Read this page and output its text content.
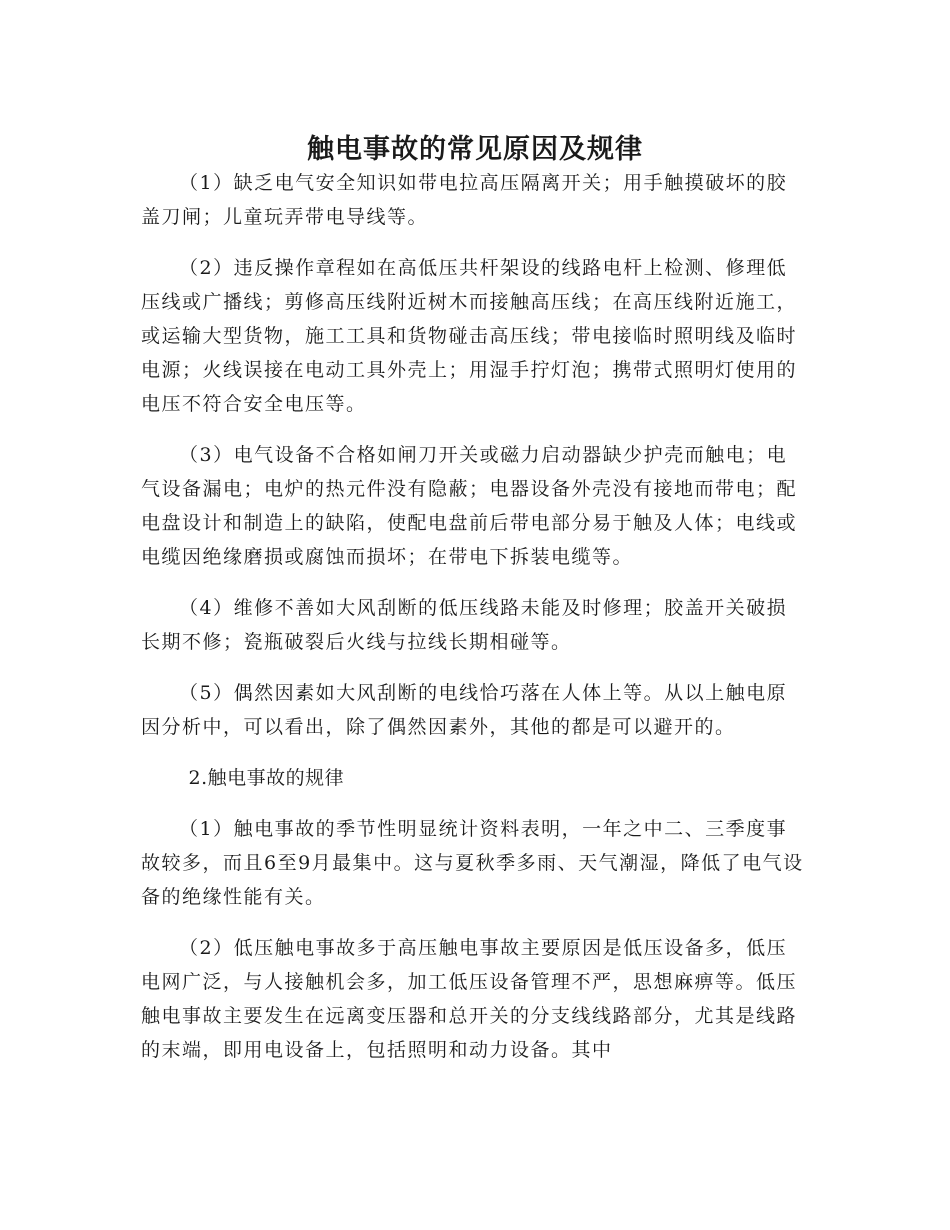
触电事故的常见原因及规律

（1）缺乏电气安全知识如带电拉高压隔离开关；用手触摸破坏的胶盖刀闸；儿童玩弄带电导线等。

（2）违反操作章程如在高低压共杆架设的线路电杆上检测、修理低压线或广播线；剪修高压线附近树木而接触高压线；在高压线附近施工，或运输大型货物，施工工具和货物碰击高压线；带电接临时照明线及临时电源；火线误接在电动工具外壳上；用湿手拧灯泡；携带式照明灯使用的电压不符合安全电压等。

（3）电气设备不合格如闸刀开关或磁力启动器缺少护壳而触电；电气设备漏电；电炉的热元件没有隐蔽；电器设备外壳没有接地而带电；配电盘设计和制造上的缺陷，使配电盘前后带电部分易于触及人体；电线或电缆因绝缘磨损或腐蚀而损坏；在带电下拆装电缆等。

（4）维修不善如大风刮断的低压线路未能及时修理；胶盖开关破损长期不修；瓷瓶破裂后火线与拉线长期相碰等。

（5）偶然因素如大风刮断的电线恰巧落在人体上等。从以上触电原因分析中，可以看出，除了偶然因素外，其他的都是可以避开的。

2.触电事故的规律

（1）触电事故的季节性明显统计资料表明，一年之中二、三季度事故较多，而且6至9月最集中。这与夏秋季多雨、天气潮湿，降低了电气设备的绝缘性能有关。

（2）低压触电事故多于高压触电事故主要原因是低压设备多，低压电网广泛，与人接触机会多，加工低压设备管理不严，思想麻痹等。低压触电事故主要发生在远离变压器和总开关的分支线线路部分，尤其是线路的末端，即用电设备上，包括照明和动力设备。其中
